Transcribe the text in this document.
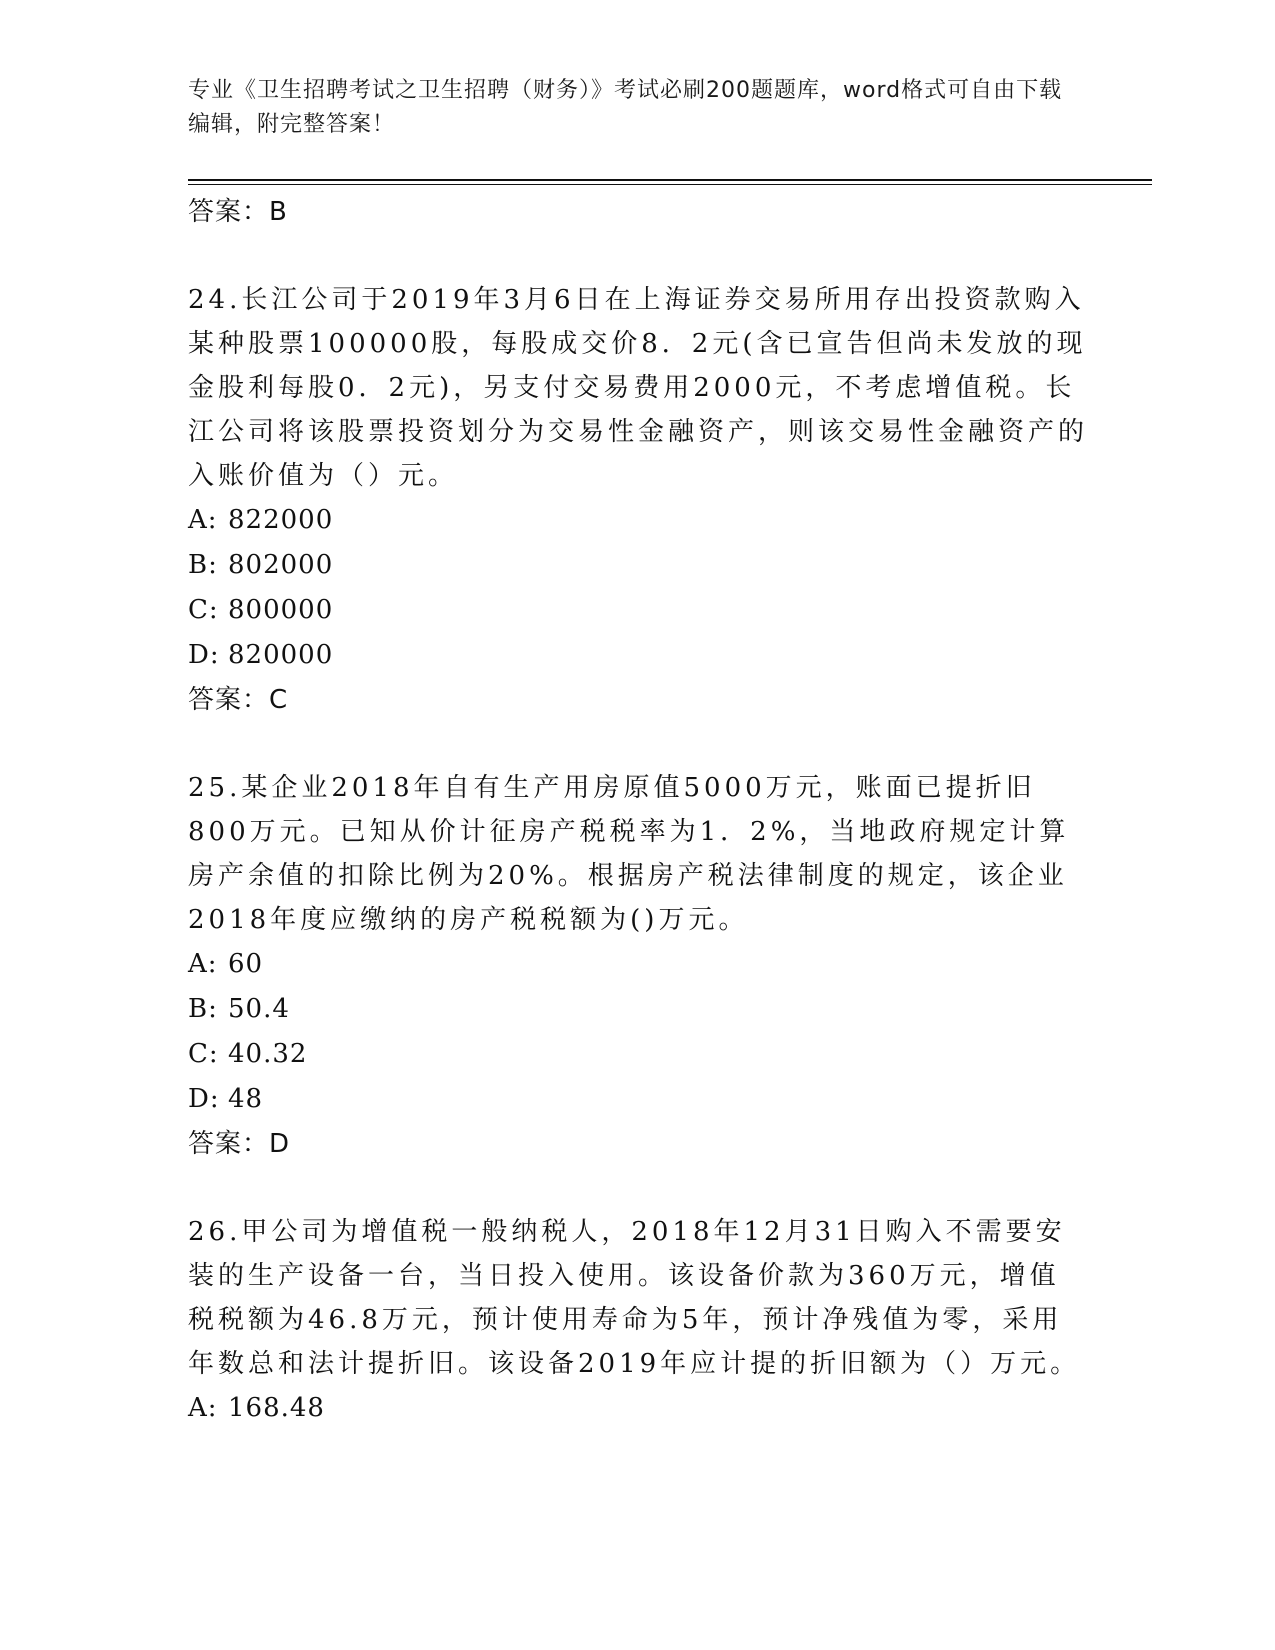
专业《卫生招聘考试之卫生招聘（财务）》考试必刷200题题库，word格式可自由下载编辑，附完整答案！
答案：B
24.长江公司于2019年3月6日在上海证券交易所用存出投资款购入某种股票100000股，每股成交价8．2元(含已宣告但尚未发放的现金股利每股0．2元)，另支付交易费用2000元，不考虑增值税。长江公司将该股票投资划分为交易性金融资产，则该交易性金融资产的入账价值为（）元。
A: 822000
B: 802000
C: 800000
D: 820000
答案：C
25.某企业2018年自有生产用房原值5000万元，账面已提折旧800万元。已知从价计征房产税税率为1．2%，当地政府规定计算房产余值的扣除比例为20%。根据房产税法律制度的规定，该企业2018年度应缴纳的房产税税额为()万元。
A: 60
B: 50.4
C: 40.32
D: 48
答案：D
26.甲公司为增值税一般纳税人，2018年12月31日购入不需要安装的生产设备一台，当日投入使用。该设备价款为360万元，增值税税额为46.8万元，预计使用寿命为5年，预计净残值为零，采用年数总和法计提折旧。该设备2019年应计提的折旧额为（）万元。
A: 168.48
